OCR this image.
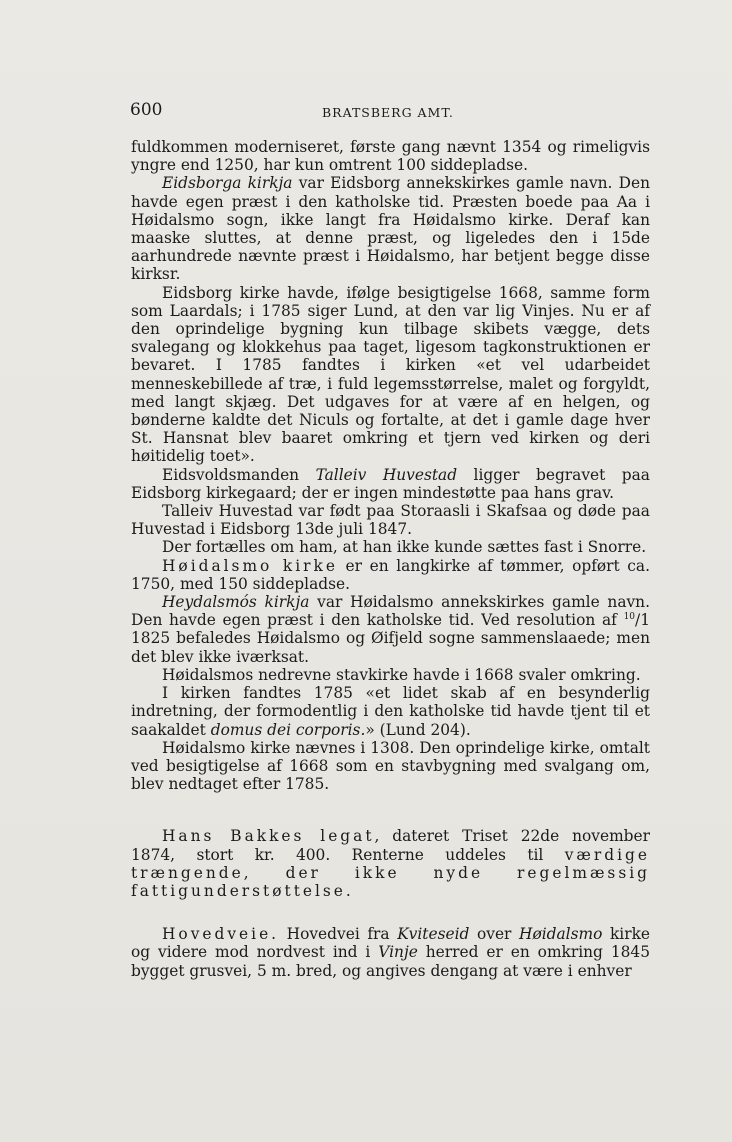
600	BRATSBERG AMT.

fuldkommen moderniseret, første gang nævnt 1354 og rimeligvis yngre end 1250, har kun omtrent 100 siddepladse.

Eidsborga kirkja var Eidsborg annekskirkes gamle navn. Den havde egen præst i den katholske tid. Præsten boede paa Aa i Høidalsmo sogn, ikke langt fra Høidalsmo kirke. Deraf kan maaske sluttes, at denne præst, og ligeledes den i 15de aarhundrede nævnte præst i Høidalsmo, har betjent begge disse kirksr.

Eidsborg kirke havde, ifølge besigtigelse 1668, samme form som Laardals; i 1785 siger Lund, at den var lig Vinjes. Nu er af den oprindelige bygning kun tilbage skibets vægge, dets svalegang og klokkehus paa taget, ligesom tagkonstruktionen er bevaret. I 1785 fandtes i kirken «et vel udarbeidet menneskebillede af træ, i fuld legemsstørrelse, malet og forgyldt, med langt skjæg. Det udgaves for at være af en helgen, og bønderne kaldte det Niculs og fortalte, at det i gamle dage hver St. Hansnat blev baaret omkring et tjern ved kirken og deri høitidelig toet».

Eidsvoldsmanden Talleiv Huvestad ligger begravet paa Eidsborg kirkegaard; der er ingen mindestøtte paa hans grav.

Talleiv Huvestad var født paa Storaasli i Skafsaa og døde paa Huvestad i Eidsborg 13de juli 1847.

Der fortælles om ham, at han ikke kunde sættes fast i Snorre.

Høidalsmo kirke er en langkirke af tømmer, opført ca. 1750, med 150 siddepladse.

Heydalsmós kirkja var Høidalsmo annekskirkes gamle navn. Den havde egen præst i den katholske tid. Ved resolution af $^{10}$/1 1825 befaledes Høidalsmo og Øifjeld sogne sammenslaaede; men det blev ikke iværksat.

Høidalsmos nedrevne stavkirke havde i 1668 svaler omkring.

I kirken fandtes 1785 «et lidet skab af en besynderlig indretning, der formodentlig i den katholske tid havde tjent til et saakaldet domus dei corporis.» (Lund 204).

Høidalsmo kirke nævnes i 1308. Den oprindelige kirke, omtalt ved besigtigelse af 1668 som en stavbygning med svalgang om, blev nedtaget efter 1785.

Hans Bakkes legat, dateret Triset 22de november 1874, stort kr. 400. Renterne uddeles til værdige trængende, der ikke nyde regelmæssig fattigunderstøttelse.

Hovedveie. Hovedvei fra Kviteseid over Høidalsmo kirke og videre mod nordvest ind i Vinje herred er en omkring 1845 bygget grusvei, 5 m. bred, og angives dengang at være i enhver
